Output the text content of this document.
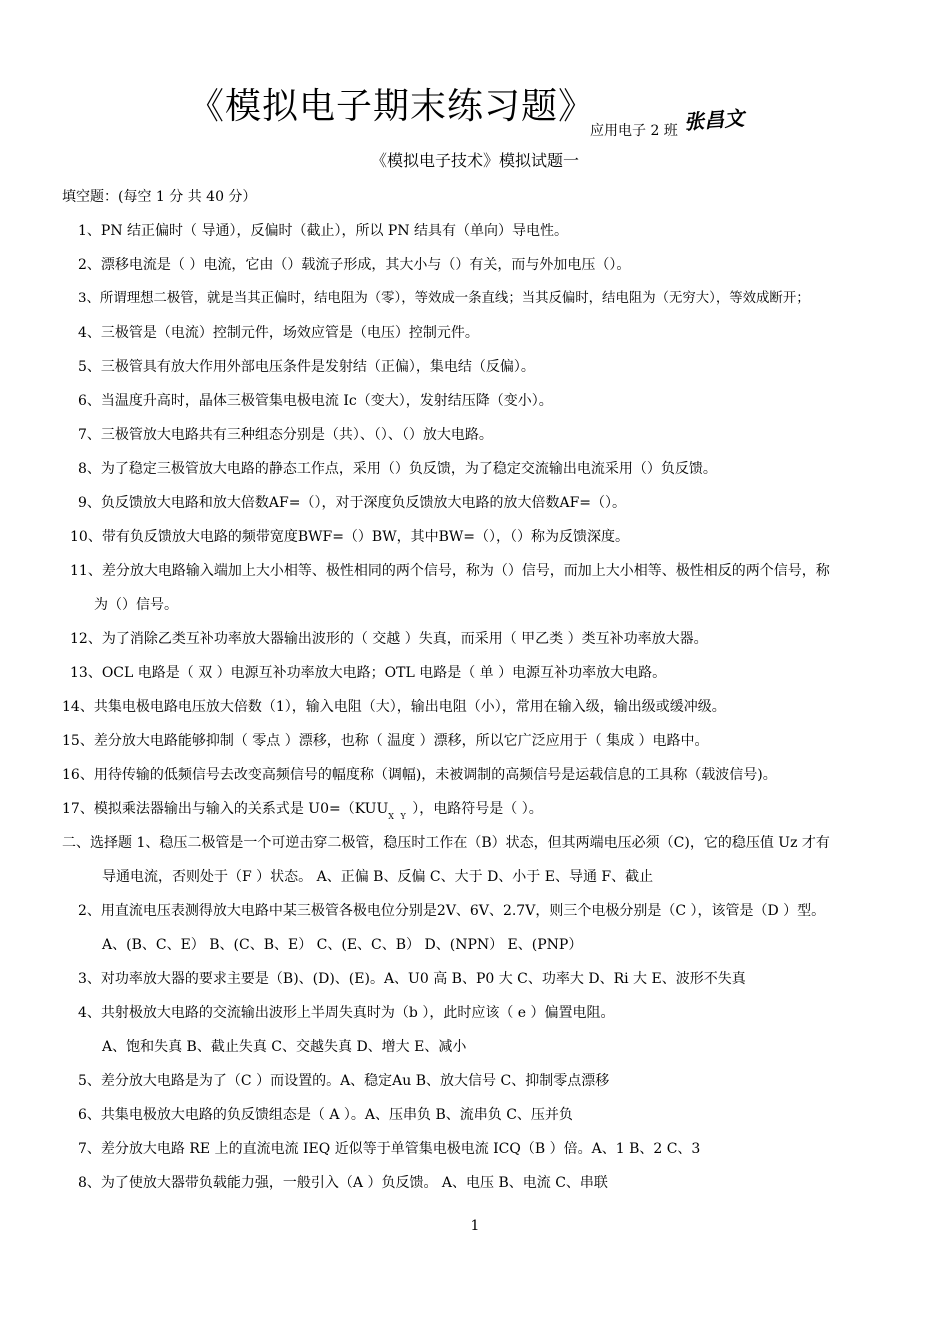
《模拟电子期末练习题》
应用电子 2 班 张昌文
《模拟电子技术》模拟试题一
填空题：(每空 1 分 共 40 分）
1、PN 结正偏时（ 导通），反偏时（截止），所以 PN 结具有（单向）导电性。
2、漂移电流是（ ）电流，它由（）载流子形成，其大小与（）有关，而与外加电压（）。
3、所谓理想二极管，就是当其正偏时，结电阻为（零），等效成一条直线；当其反偏时，结电阻为（无穷大），等效成断开；
4、三极管是（电流）控制元件，场效应管是（电压）控制元件。
5、三极管具有放大作用外部电压条件是发射结（正偏），集电结（反偏）。
6、当温度升高时，晶体三极管集电极电流 Ic（变大），发射结压降（变小）。
7、三极管放大电路共有三种组态分别是（共）、（）、（）放大电路。
8、为了稳定三极管放大电路的静态工作点，采用（）负反馈，为了稳定交流输出电流采用（）负反馈。
9、负反馈放大电路和放大倍数AF=（），对于深度负反馈放大电路的放大倍数AF=（）。
10、带有负反馈放大电路的频带宽度BWF=（）BW，其中BW=（），（）称为反馈深度。
11、差分放大电路输入端加上大小相等、极性相同的两个信号，称为（）信号，而加上大小相等、极性相反的两个信号，称
为（）信号。
12、为了消除乙类互补功率放大器输出波形的（ 交越 ）失真，而采用（ 甲乙类 ）类互补功率放大器。
13、OCL 电路是（ 双 ）电源互补功率放大电路；OTL 电路是（ 单 ）电源互补功率放大电路。
14、共集电极电路电压放大倍数（1），输入电阻（大），输出电阻（小），常用在输入级，输出级或缓冲级。
15、差分放大电路能够抑制（ 零点 ）漂移，也称（ 温度 ）漂移，所以它广泛应用于（ 集成 ）电路中。
16、用待传输的低频信号去改变高频信号的幅度称（调幅)，未被调制的高频信号是运载信息的工具称（载波信号)。
17、模拟乘法器输出与输入的关系式是 $U0=(KUU_{X Y}$ ），电路符号是（ ）。
二、选择题 1、稳压二极管是一个可逆击穿二极管，稳压时工作在（B）状态，但其两端电压必须（C)，它的稳压值 Uz 才有
导通电流，否则处于（F ）状态。 A、正偏 B、反偏 C、大于 D、小于 E、导通 F、截止
2、用直流电压表测得放大电路中某三极管各极电位分别是2V、6V、2.7V，则三个电极分别是（C ），该管是（D ）型。
A、(B、C、E） B、(C、B、E） C、(E、C、B） D、(NPN） E、(PNP）
3、对功率放大器的要求主要是（B)、(D)、(E)。A、U0 高 B、P0 大 C、功率大 D、Ri 大 E、波形不失真
4、共射极放大电路的交流输出波形上半周失真时为（b ），此时应该（ e ）偏置电阻。
A、饱和失真 B、截止失真 C、交越失真 D、增大 E、减小
5、差分放大电路是为了（C ）而设置的。A、稳定Au B、放大信号 C、抑制零点漂移
6、共集电极放大电路的负反馈组态是（ A ）。A、压串负 B、流串负 C、压并负
7、差分放大电路 RE 上的直流电流 IEQ 近似等于单管集电极电流 ICQ（B ）倍。A、1 B、2 C、3
8、为了使放大器带负载能力强，一般引入（A ）负反馈。 A、电压 B、电流 C、串联
1
